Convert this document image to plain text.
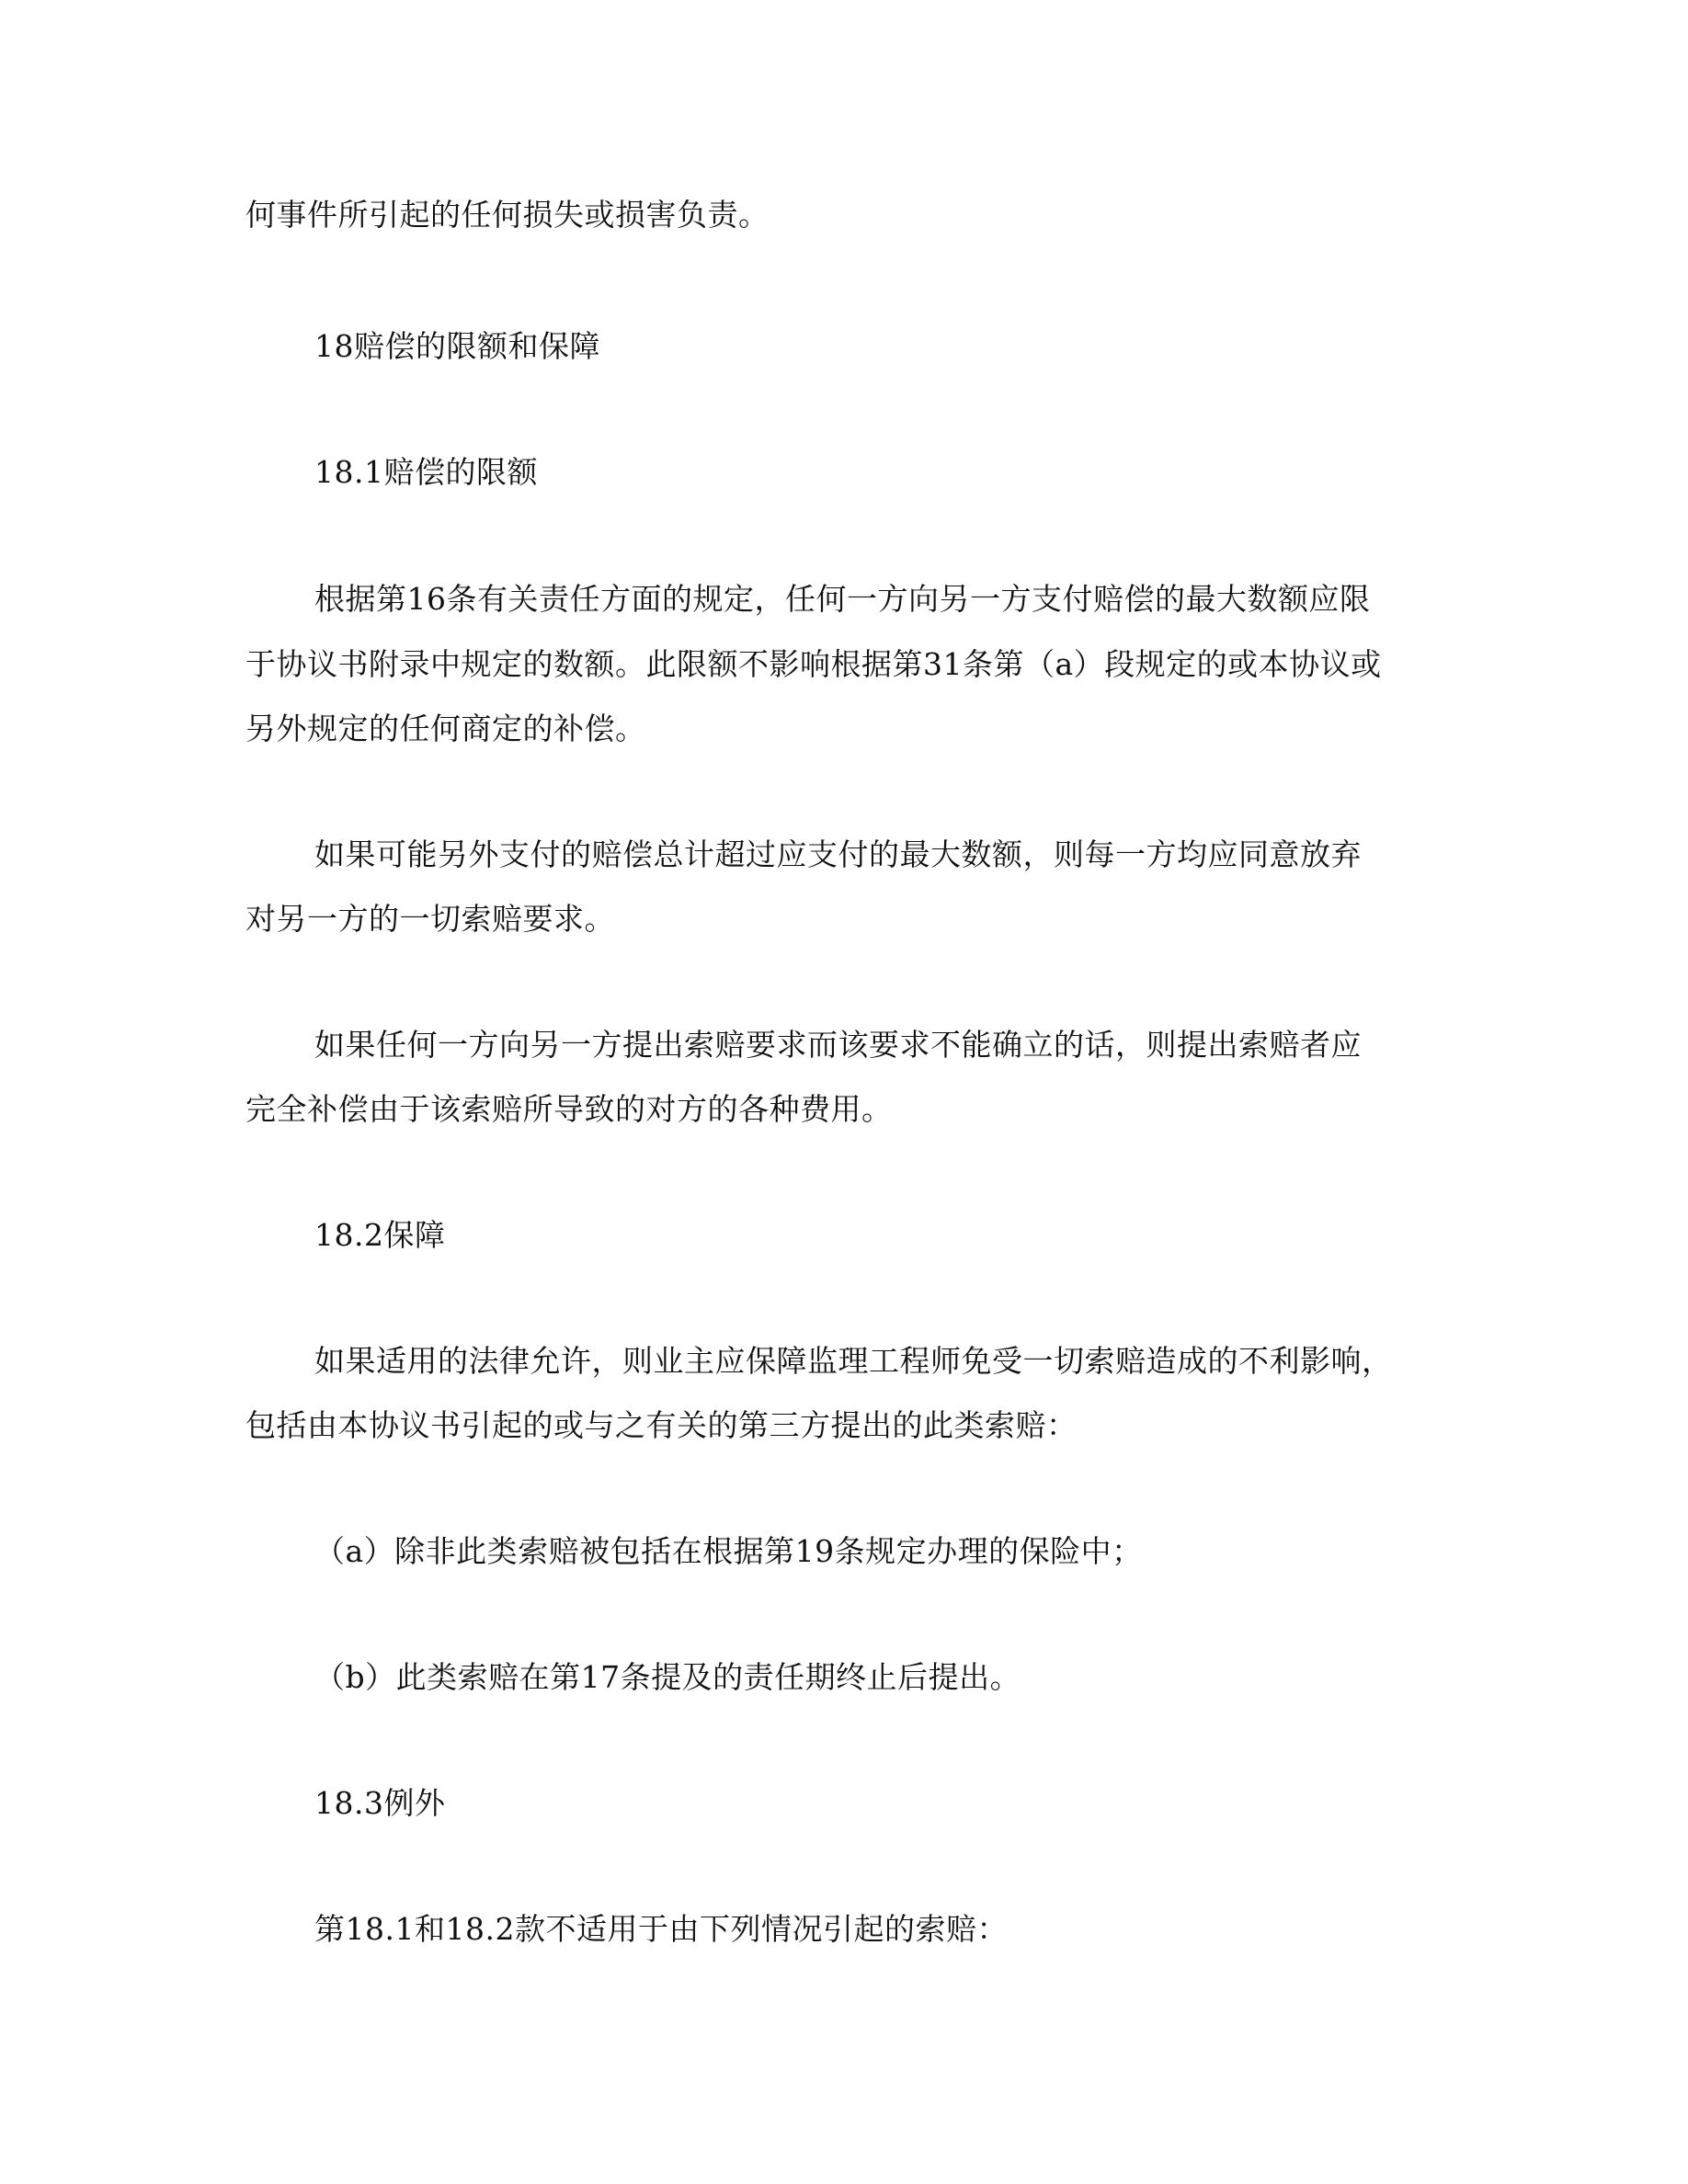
何事件所引起的任何损失或损害负责。
18赔偿的限额和保障
18.1赔偿的限额
根据第16条有关责任方面的规定，任何一方向另一方支付赔偿的最大数额应限
于协议书附录中规定的数额。此限额不影响根据第31条第（a）段规定的或本协议或
另外规定的任何商定的补偿。
如果可能另外支付的赔偿总计超过应支付的最大数额，则每一方均应同意放弃
对另一方的一切索赔要求。
如果任何一方向另一方提出索赔要求而该要求不能确立的话，则提出索赔者应
完全补偿由于该索赔所导致的对方的各种费用。
18.2保障
如果适用的法律允许，则业主应保障监理工程师免受一切索赔造成的不利影响，
包括由本协议书引起的或与之有关的第三方提出的此类索赔：
（a）除非此类索赔被包括在根据第19条规定办理的保险中；
（b）此类索赔在第17条提及的责任期终止后提出。
18.3例外
第18.1和18.2款不适用于由下列情况引起的索赔：
